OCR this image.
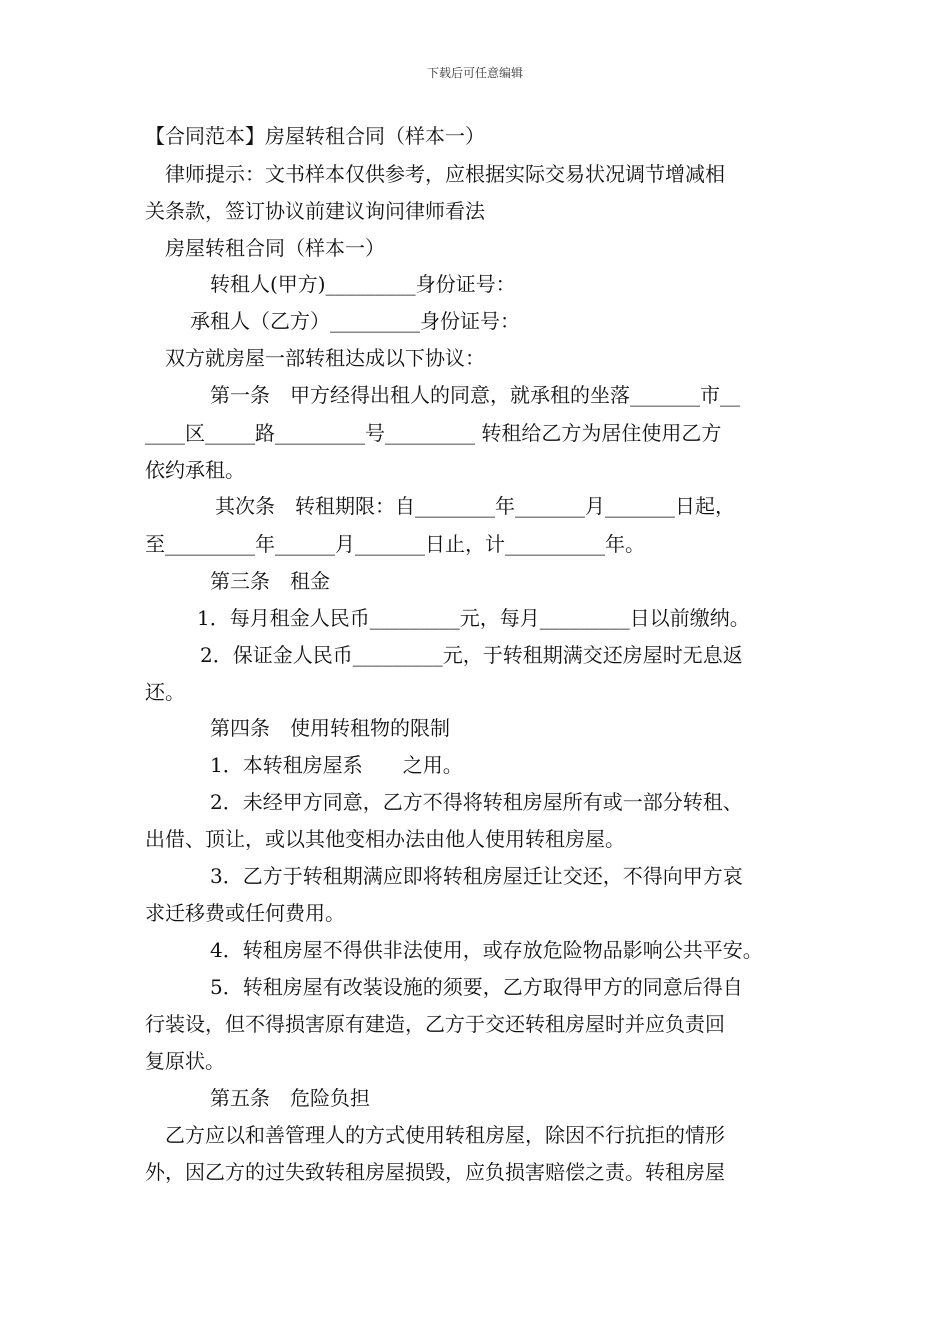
下载后可任意编辑
【合同范本】房屋转租合同（样本一）
律师提示：文书样本仅供参考，应根据实际交易状况调节增减相
关条款，签订协议前建议询问律师看法
房屋转租合同（样本一）
转租人(甲方)_________身份证号：
承租人（乙方）_________身份证号：
双方就房屋一部转租达成以下协议：
第一条　甲方经得出租人的同意，就承租的坐落_______市__
____区_____路_________号_________ 转租给乙方为居住使用乙方
依约承租。
其次条　转租期限：自________年_______月_______日起，
至_________年______月_______日止，计__________年。
第三条　租金
1．每月租金人民币_________元，每月_________日以前缴纳。
2．保证金人民币_________元，于转租期满交还房屋时无息返
还。
第四条　使用转租物的限制
1．本转租房屋系　　之用。
2．未经甲方同意，乙方不得将转租房屋所有或一部分转租、
出借、顶让，或以其他变相办法由他人使用转租房屋。
3．乙方于转租期满应即将转租房屋迁让交还，不得向甲方哀
求迁移费或任何费用。
4．转租房屋不得供非法使用，或存放危险物品影响公共平安。
5．转租房屋有改装设施的须要，乙方取得甲方的同意后得自
行装设，但不得损害原有建造，乙方于交还转租房屋时并应负责回
复原状。
第五条　危险负担
乙方应以和善管理人的方式使用转租房屋，除因不行抗拒的情形
外，因乙方的过失致转租房屋损毁，应负损害赔偿之责。转租房屋
